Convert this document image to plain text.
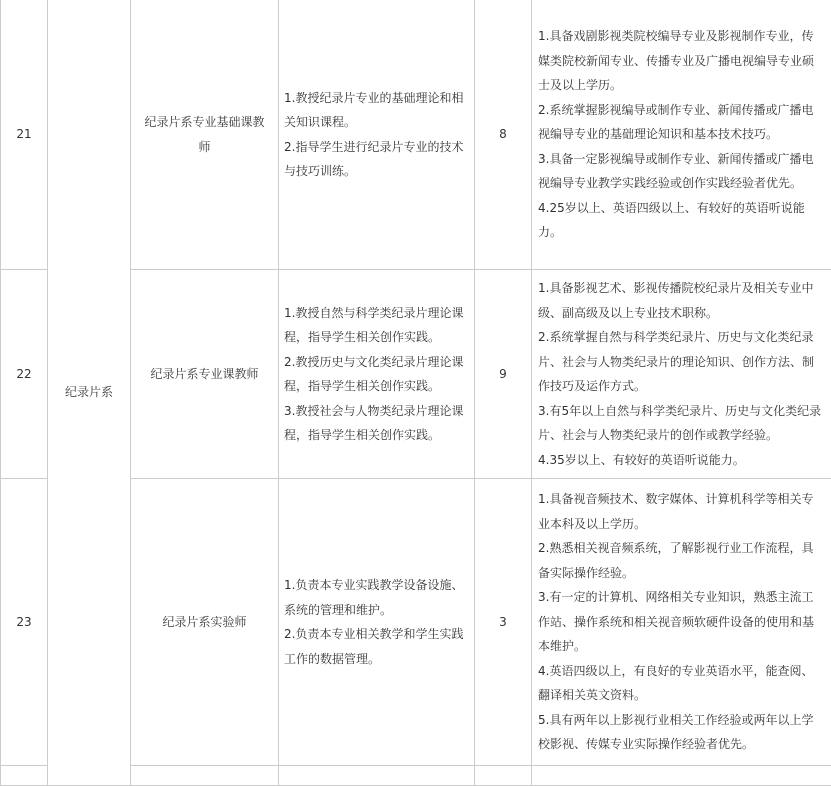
21	纪录片系	纪录片系专业基础课教师	1.教授纪录片专业的基础理论和相关知识课程。
2.指导学生进行纪录片专业的技术与技巧训练。	8	1.具备戏剧影视类院校编导专业及影视制作专业，传媒类院校新闻专业、传播专业及广播电视编导专业硕士及以上学历。
2.系统掌握影视编导或制作专业、新闻传播或广播电视编导专业的基础理论知识和基本技术技巧。
3.具备一定影视编导或制作专业、新闻传播或广播电视编导专业教学实践经验或创作实践经验者优先。
4.25岁以上、英语四级以上、有较好的英语听说能力。

22		纪录片系专业课教师	1.教授自然与科学类纪录片理论课程，指导学生相关创作实践。
2.教授历史与文化类纪录片理论课程，指导学生相关创作实践。
3.教授社会与人物类纪录片理论课程，指导学生相关创作实践。	9	1.具备影视艺术、影视传播院校纪录片及相关专业中级、副高级及以上专业技术职称。
2.系统掌握自然与科学类纪录片、历史与文化类纪录片、社会与人物类纪录片的理论知识、创作方法、制作技巧及运作方式。
3.有5年以上自然与科学类纪录片、历史与文化类纪录片、社会与人物类纪录片的创作或教学经验。
4.35岁以上、有较好的英语听说能力。

23		纪录片系实验师	1.负责本专业实践教学设备设施、系统的管理和维护。
2.负责本专业相关教学和学生实践工作的数据管理。	3	1.具备视音频技术、数字媒体、计算机科学等相关专业本科及以上学历。
2.熟悉相关视音频系统，了解影视行业工作流程，具备实际操作经验。
3.有一定的计算机、网络相关专业知识，熟悉主流工作站、操作系统和相关视音频软硬件设备的使用和基本维护。
4.英语四级以上，有良好的专业英语水平，能查阅、翻译相关英文资料。
5.具有两年以上影视行业相关工作经验或两年以上学校影视、传媒专业实际操作经验者优先。
